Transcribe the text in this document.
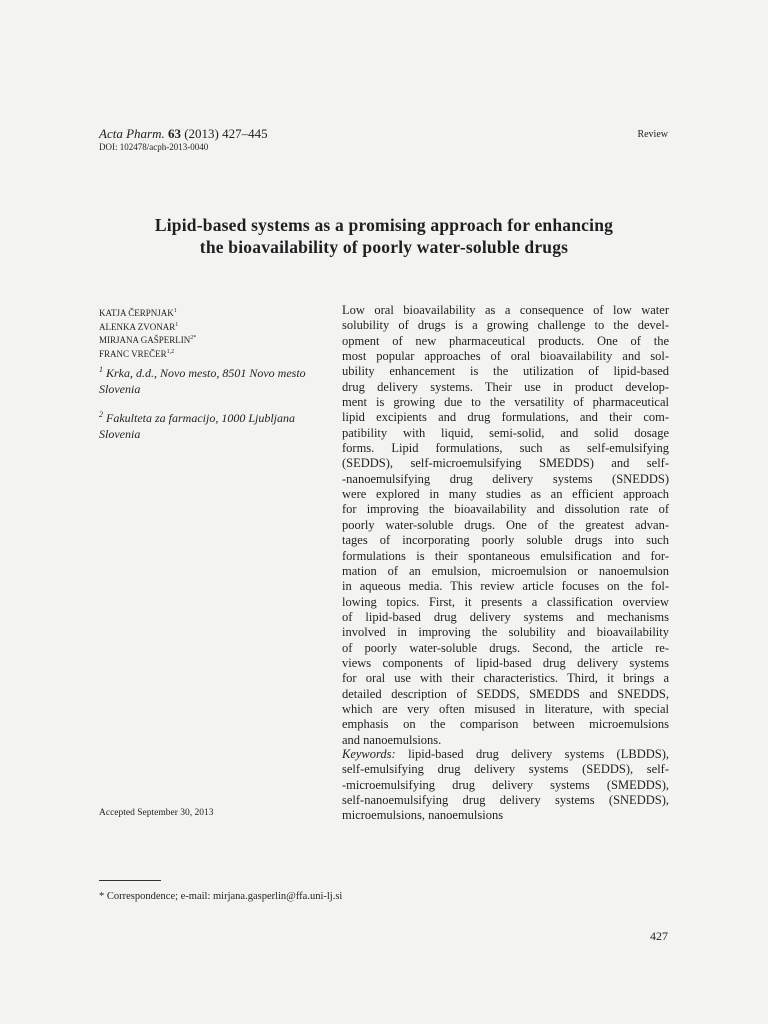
Acta Pharm. 63 (2013) 427–445
DOI: 102478/acph-2013-0040
Review
Lipid-based systems as a promising approach for enhancing
the bioavailability of poorly water-soluble drugs
KATJA ČERPNJAK$^1$
ALENKA ZVONAR$^1$
MIRJANA $GAŠPERLIN^{2*}$
FRANC VREČER$^{1,2}$
$^1$ Krka, d.d., Novo mesto, 8501 Novo mesto
Slovenia
$^2$ Fakulteta za farmacijo, 1000 Ljubljana
Slovenia
Low oral bioavailability as a consequence of low water
solubility of drugs is a growing challenge to the devel-
opment of new pharmaceutical products. One of the
most popular approaches of oral bioavailability and sol-
ubility enhancement is the utilization of lipid-based
drug delivery systems. Their use in product develop-
ment is growing due to the versatility of pharmaceutical
lipid excipients and drug formulations, and their com-
patibility with liquid, semi-solid, and solid dosage
forms. Lipid formulations, such as self-emulsifying
(SEDDS), self-microemulsifying SMEDDS) and self-
-nanoemulsifying drug delivery systems (SNEDDS)
were explored in many studies as an efficient approach
for improving the bioavailability and dissolution rate of
poorly water-soluble drugs. One of the greatest advan-
tages of incorporating poorly soluble drugs into such
formulations is their spontaneous emulsification and for-
mation of an emulsion, microemulsion or nanoemulsion
in aqueous media. This review article focuses on the fol-
lowing topics. First, it presents a classification overview
of lipid-based drug delivery systems and mechanisms
involved in improving the solubility and bioavailability
of poorly water-soluble drugs. Second, the article re-
views components of lipid-based drug delivery systems
for oral use with their characteristics. Third, it brings a
detailed description of SEDDS, SMEDDS and SNEDDS,
which are very often misused in literature, with special
emphasis on the comparison between microemulsions
and nanoemulsions.
Keywords: lipid-based drug delivery systems (LBDDS),
self-emulsifying drug delivery systems (SEDDS), self-
-microemulsifying drug delivery systems (SMEDDS),
self-nanoemulsifying drug delivery systems (SNEDDS),
microemulsions, nanoemulsions
Accepted September 30, 2013
* Correspondence; e-mail: mirjana.gasperlin@ffa.uni-lj.si
427
